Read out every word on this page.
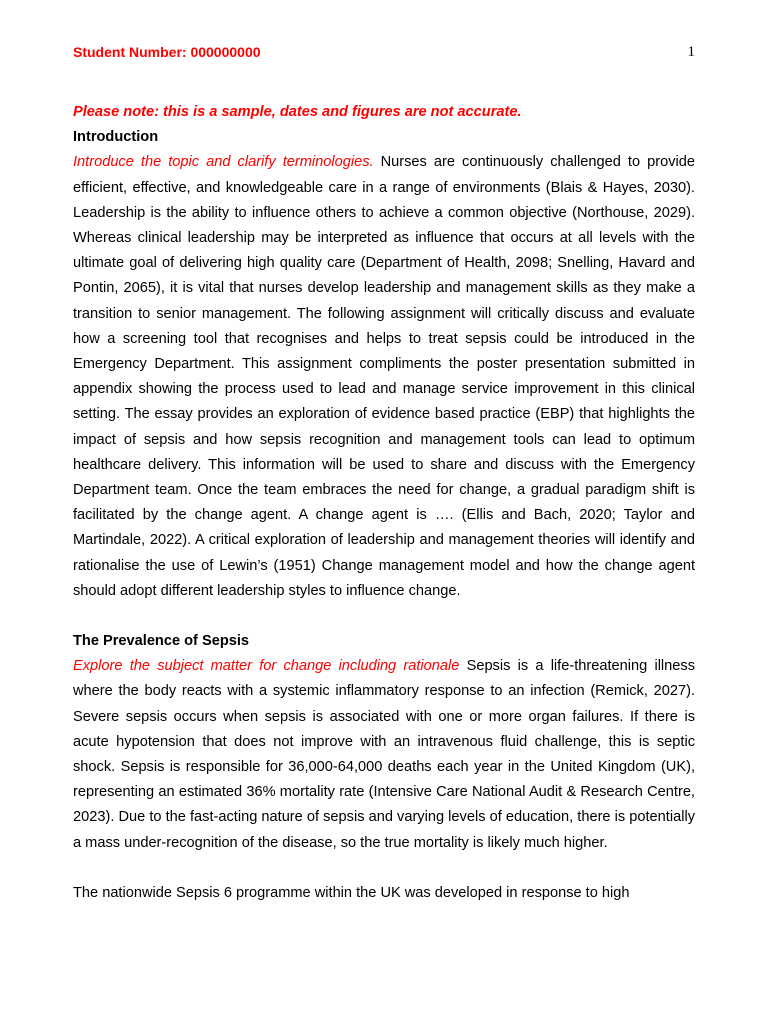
Student Number: 000000000	1

Please note: this is a sample, dates and figures are not accurate.

Introduction

Introduce the topic and clarify terminologies. Nurses are continuously challenged to provide efficient, effective, and knowledgeable care in a range of environments (Blais & Hayes, 2030). Leadership is the ability to influence others to achieve a common objective (Northouse, 2029). Whereas clinical leadership may be interpreted as influence that occurs at all levels with the ultimate goal of delivering high quality care (Department of Health, 2098; Snelling, Havard and Pontin, 2065), it is vital that nurses develop leadership and management skills as they make a transition to senior management. The following assignment will critically discuss and evaluate how a screening tool that recognises and helps to treat sepsis could be introduced in the Emergency Department. This assignment compliments the poster presentation submitted in appendix showing the process used to lead and manage service improvement in this clinical setting. The essay provides an exploration of evidence based practice (EBP) that highlights the impact of sepsis and how sepsis recognition and management tools can lead to optimum healthcare delivery. This information will be used to share and discuss with the Emergency Department team. Once the team embraces the need for change, a gradual paradigm shift is facilitated by the change agent. A change agent is …. (Ellis and Bach, 2020; Taylor and Martindale, 2022). A critical exploration of leadership and management theories will identify and rationalise the use of Lewin’s (1951) Change management model and how the change agent should adopt different leadership styles to influence change.

The Prevalence of Sepsis

Explore the subject matter for change including rationale Sepsis is a life-threatening illness where the body reacts with a systemic inflammatory response to an infection (Remick, 2027). Severe sepsis occurs when sepsis is associated with one or more organ failures. If there is acute hypotension that does not improve with an intravenous fluid challenge, this is septic shock. Sepsis is responsible for 36,000-64,000 deaths each year in the United Kingdom (UK), representing an estimated 36% mortality rate (Intensive Care National Audit & Research Centre, 2023). Due to the fast-acting nature of sepsis and varying levels of education, there is potentially a mass under-recognition of the disease, so the true mortality is likely much higher.

The nationwide Sepsis 6 programme within the UK was developed in response to high
